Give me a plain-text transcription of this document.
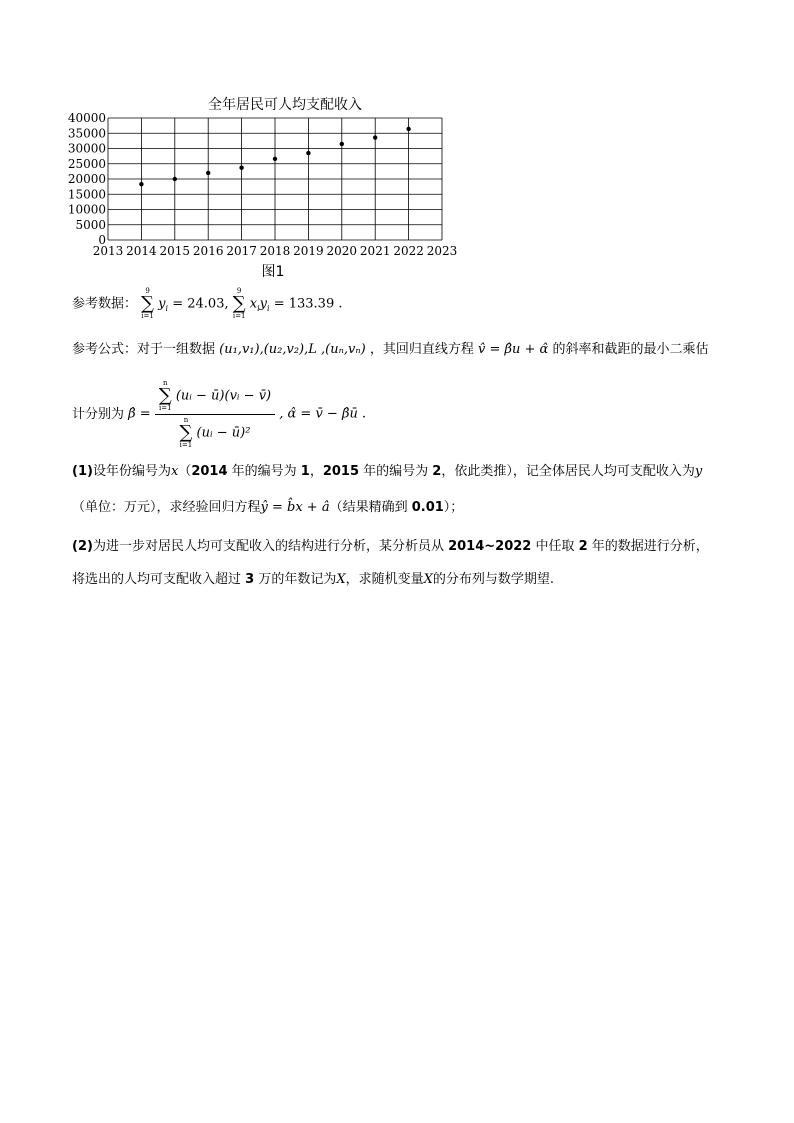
全年居民可人均支配收入
0
5000
10000
15000
20000
25000
30000
35000
40000
2013 2014 2015 2016 2017 2018 2019 2020 2021 2022 2023
图1
参考数据：
9
∑
i=1
$y_i = 24.03$,
9
∑
i=1
$x_iy_i = 133.39$ .
参考公式：对于一组数据 (u₁,v₁),(u₂,v₂),L ,(uₙ,vₙ) ，其回归直线方程 v̂ = β̂u + α̂ 的斜率和截距的最小二乘估
计分别为 β̂ = n
∑
i=1
(uᵢ − ū)(vᵢ − v̄)
n
∑
i=1
(uᵢ − ū)² , α̂ = v̄ − β̂ū .
(1)设年份编号为x（2014 年的编号为 1，2015 年的编号为 2，依此类推），记全体居民人均可支配收入为y
（单位：万元），求经验回归方程ŷ = b̂x + â（结果精确到 0.01）；
(2)为进一步对居民人均可支配收入的结构进行分析，某分析员从 2014~2022 中任取 2 年的数据进行分析，
将选出的人均可支配收入超过 3 万的年数记为X，求随机变量X的分布列与数学期望.
